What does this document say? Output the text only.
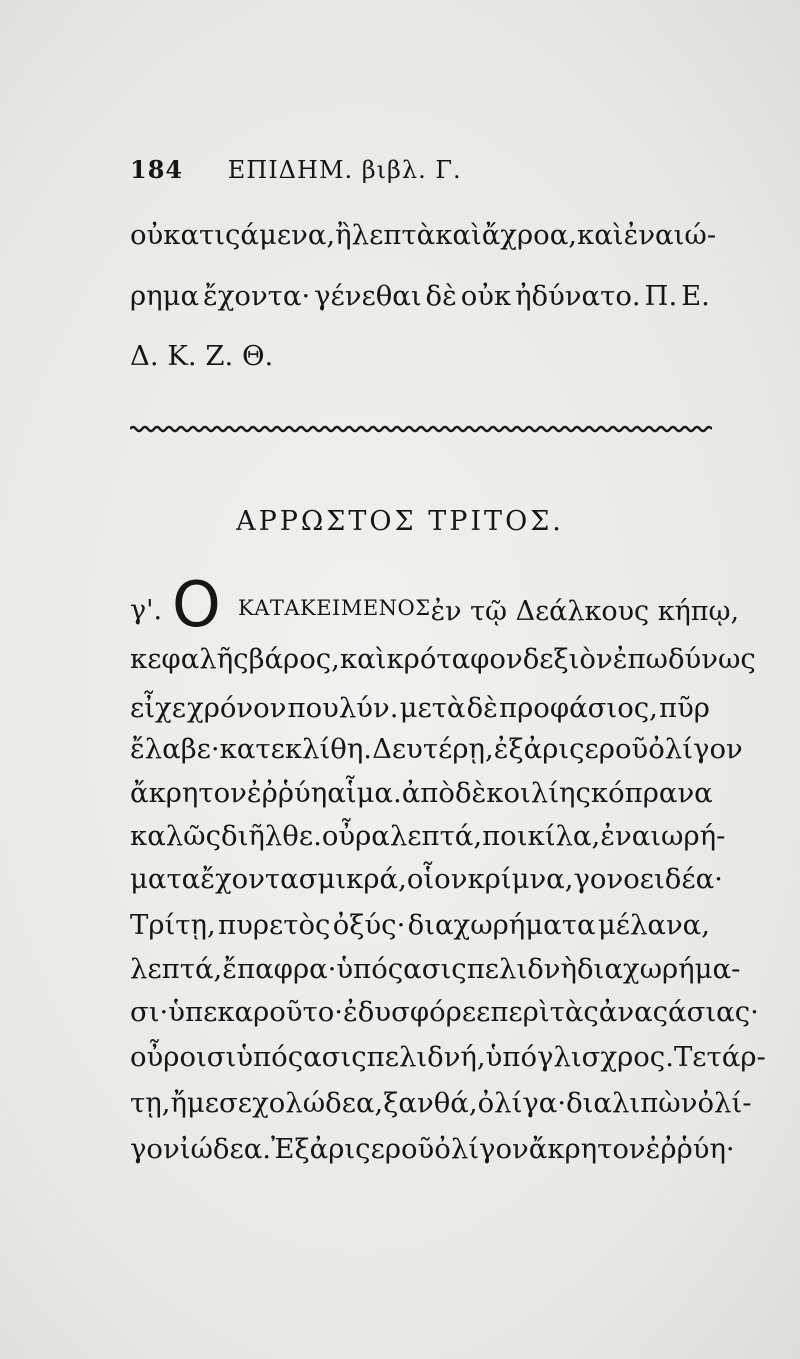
184 ΕΠΙΔΗΜ. βιβλ. Γ.
οὐ κατιςάμενα, ἢ λεπτὰ καὶ ἄχροα, καὶ ἐναιώ-
ρημα ἔχοντα· γένεθαι δὲ οὐκ ἠδύνατο. Π. Ε.
Δ. Κ. Ζ. Θ.
ΑΡΡΩΣΤΟΣ ΤΡΙΤΟΣ.
γ'. Ο ΚΑΤΑΚΕΙΜΕΝΟΣ ἐν τῷ Δεάλκους κήπῳ,
κεφαλῆς βάρος, καὶ κρόταφον δεξιὸν ἐπωδύνως
εἶχε χρόνον πουλύν. μετὰ δὲ προφάσιος, πῦρ
ἔλαβε· κατεκλίθη. Δευτέρῃ, ἐξ ἀριςεροῦ ὀλίγον
ἄκρητον ἐῤῥύη αἷμα. ἀπὸ δὲ κοιλίης κόπρανα
καλῶς διῆλθε. οὖρα λεπτά, ποικίλα, ἐναιωρή-
ματα ἔχοντα σμικρά, οἷον κρίμνα, γονοειδέα·
Τρίτῃ, πυρετὸς ὀξύς· διαχωρήματα μέλανα,
λεπτά, ἔπαφρα· ὑπόςασις πελιδνὴ διαχωρήμα-
σι· ὑπεκαροῦτο· ἐδυσφόρεε περὶ τὰς ἀναςάσιας·
οὖροισι ὑπόςασις πελιδνή, ὑπόγλισχρος. Τετάρ-
τῃ, ἤμεσε χολώδεα, ξανθά, ὀλίγα· διαλιπὼν ὀλί-
γον ἰώδεα. Ἐξ ἀριςεροῦ ὀλίγον ἄκρητον ἐῤῥύη·
